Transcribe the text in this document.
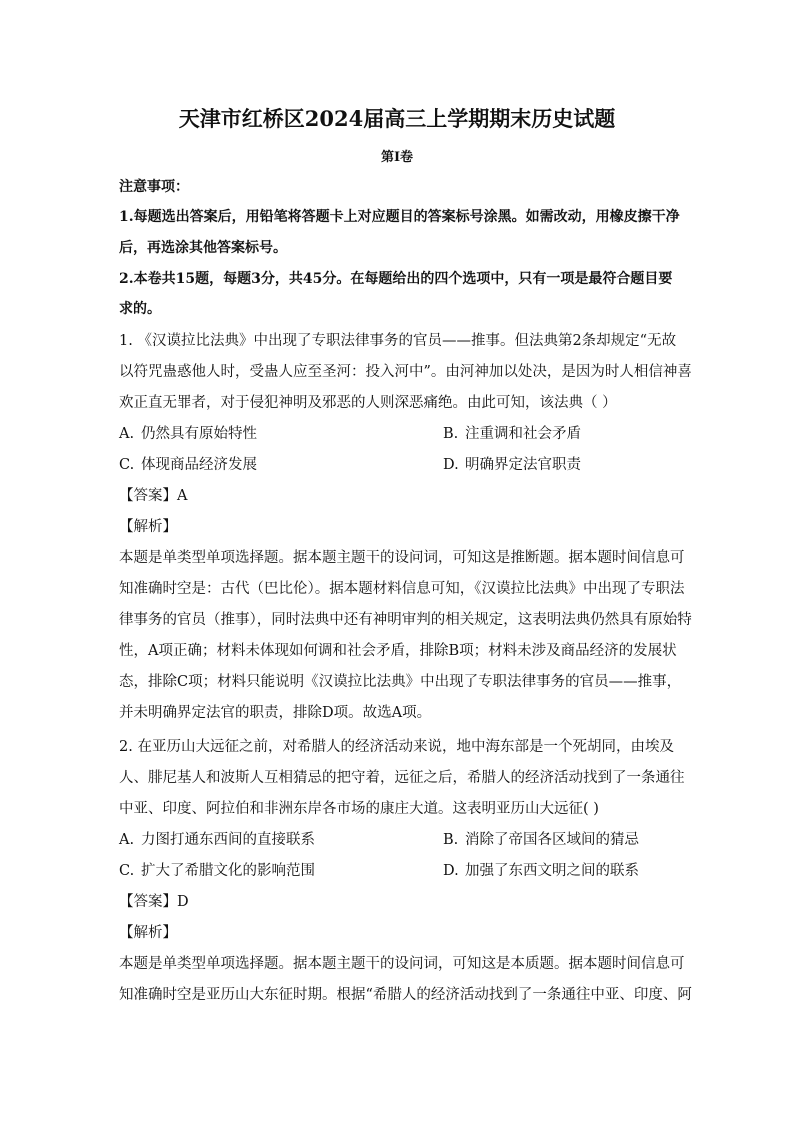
天津市红桥区2024届高三上学期期末历史试题
第Ⅰ卷
注意事项：
1.每题选出答案后，用铅笔将答题卡上对应题目的答案标号涂黑。如需改动，用橡皮擦干净
后，再选涂其他答案标号。
2.本卷共15题，每题3分，共45分。在每题给出的四个选项中，只有一项是最符合题目要
求的。
1. 《汉谟拉比法典》中出现了专职法律事务的官员——推事。但法典第2条却规定“无故
以符咒蛊惑他人时，受蛊人应至圣河：投入河中”。由河神加以处决，是因为时人相信神喜
欢正直无罪者，对于侵犯神明及邪恶的人则深恶痛绝。由此可知，该法典（ ）
A. 仍然具有原始特性	B. 注重调和社会矛盾
C. 体现商品经济发展	D. 明确界定法官职责
【答案】A
【解析】
本题是单类型单项选择题。据本题主题干的设问词，可知这是推断题。据本题时间信息可
知准确时空是：古代（巴比伦）。据本题材料信息可知，《汉谟拉比法典》中出现了专职法
律事务的官员（推事），同时法典中还有神明审判的相关规定，这表明法典仍然具有原始特
性，A项正确；材料未体现如何调和社会矛盾，排除B项；材料未涉及商品经济的发展状
态，排除C项；材料只能说明《汉谟拉比法典》中出现了专职法律事务的官员——推事，
并未明确界定法官的职责，排除D项。故选A项。
2. 在亚历山大远征之前，对希腊人的经济活动来说，地中海东部是一个死胡同，由埃及
人、腓尼基人和波斯人互相猜忌的把守着，远征之后，希腊人的经济活动找到了一条通往
中亚、印度、阿拉伯和非洲东岸各市场的康庄大道。这表明亚历山大远征( )
A. 力图打通东西间的直接联系	B. 消除了帝国各区域间的猜忌
C. 扩大了希腊文化的影响范围	D. 加强了东西文明之间的联系
【答案】D
【解析】
本题是单类型单项选择题。据本题主题干的设问词，可知这是本质题。据本题时间信息可
知准确时空是亚历山大东征时期。根据“希腊人的经济活动找到了一条通往中亚、印度、阿
